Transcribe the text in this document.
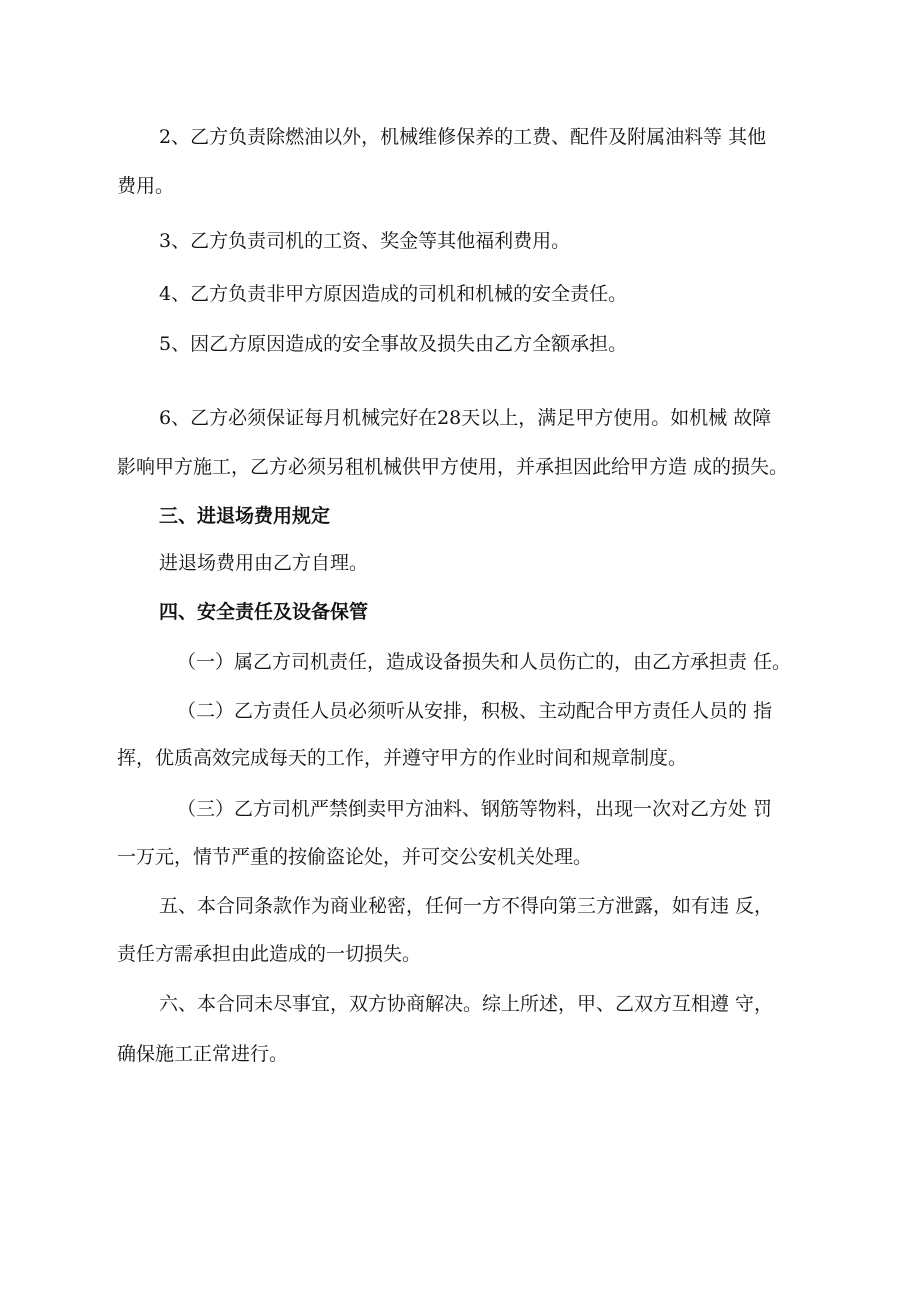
2、乙方负责除燃油以外，机械维修保养的工费、配件及附属油料等 其他
费用。
3、乙方负责司机的工资、奖金等其他福利费用。
4、乙方负责非甲方原因造成的司机和机械的安全责任。
5、因乙方原因造成的安全事故及损失由乙方全额承担。
6、乙方必须保证每月机械完好在28天以上，满足甲方使用。如机械 故障
影响甲方施工，乙方必须另租机械供甲方使用，并承担因此给甲方造 成的损失。
三、进退场费用规定
进退场费用由乙方自理。
四、安全责任及设备保管
（一）属乙方司机责任，造成设备损失和人员伤亡的，由乙方承担责 任。
（二）乙方责任人员必须听从安排，积极、主动配合甲方责任人员的 指
挥，优质高效完成每天的工作，并遵守甲方的作业时间和规章制度。
（三）乙方司机严禁倒卖甲方油料、钢筋等物料，出现一次对乙方处 罚
一万元，情节严重的按偷盗论处，并可交公安机关处理。
五、本合同条款作为商业秘密，任何一方不得向第三方泄露，如有违 反，
责任方需承担由此造成的一切损失。
六、本合同未尽事宜，双方协商解决。综上所述，甲、乙双方互相遵 守，
确保施工正常进行。
